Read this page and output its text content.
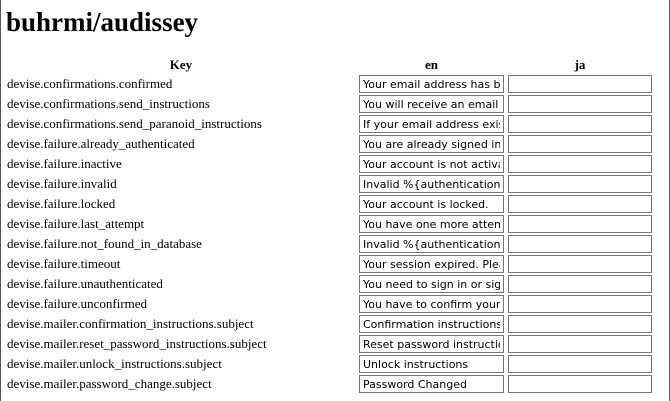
buhrmi/audissey
Key	en	ja
devise.confirmations.confirmed	
Your email address has been successfully confirmed.	

devise.confirmations.send_instructions	
You will receive an email with instructions for how to confirm your email address in a few minutes.	

devise.confirmations.send_paranoid_instructions	
If your email address exists in our database, you will receive an email with instructions for how to confirm your email address in a few minutes.	

devise.failure.already_authenticated	
You are already signed in.	

devise.failure.inactive	
Your account is not activated yet.	

devise.failure.invalid	
Invalid %{authentication_keys} or password.	

devise.failure.locked	
Your account is locked.	

devise.failure.last_attempt	
You have one more attempt before your account is locked.	

devise.failure.not_found_in_database	
Invalid %{authentication_keys} or password.	

devise.failure.timeout	
Your session expired. Please sign in again to continue.	

devise.failure.unauthenticated	
You need to sign in or sign up before continuing.	

devise.failure.unconfirmed	
You have to confirm your email address before continuing.	

devise.mailer.confirmation_instructions.subject	
Confirmation instructions	

devise.mailer.reset_password_instructions.subject	
Reset password instructions	

devise.mailer.unlock_instructions.subject	
Unlock instructions	

devise.mailer.password_change.subject	
Password Changed	
